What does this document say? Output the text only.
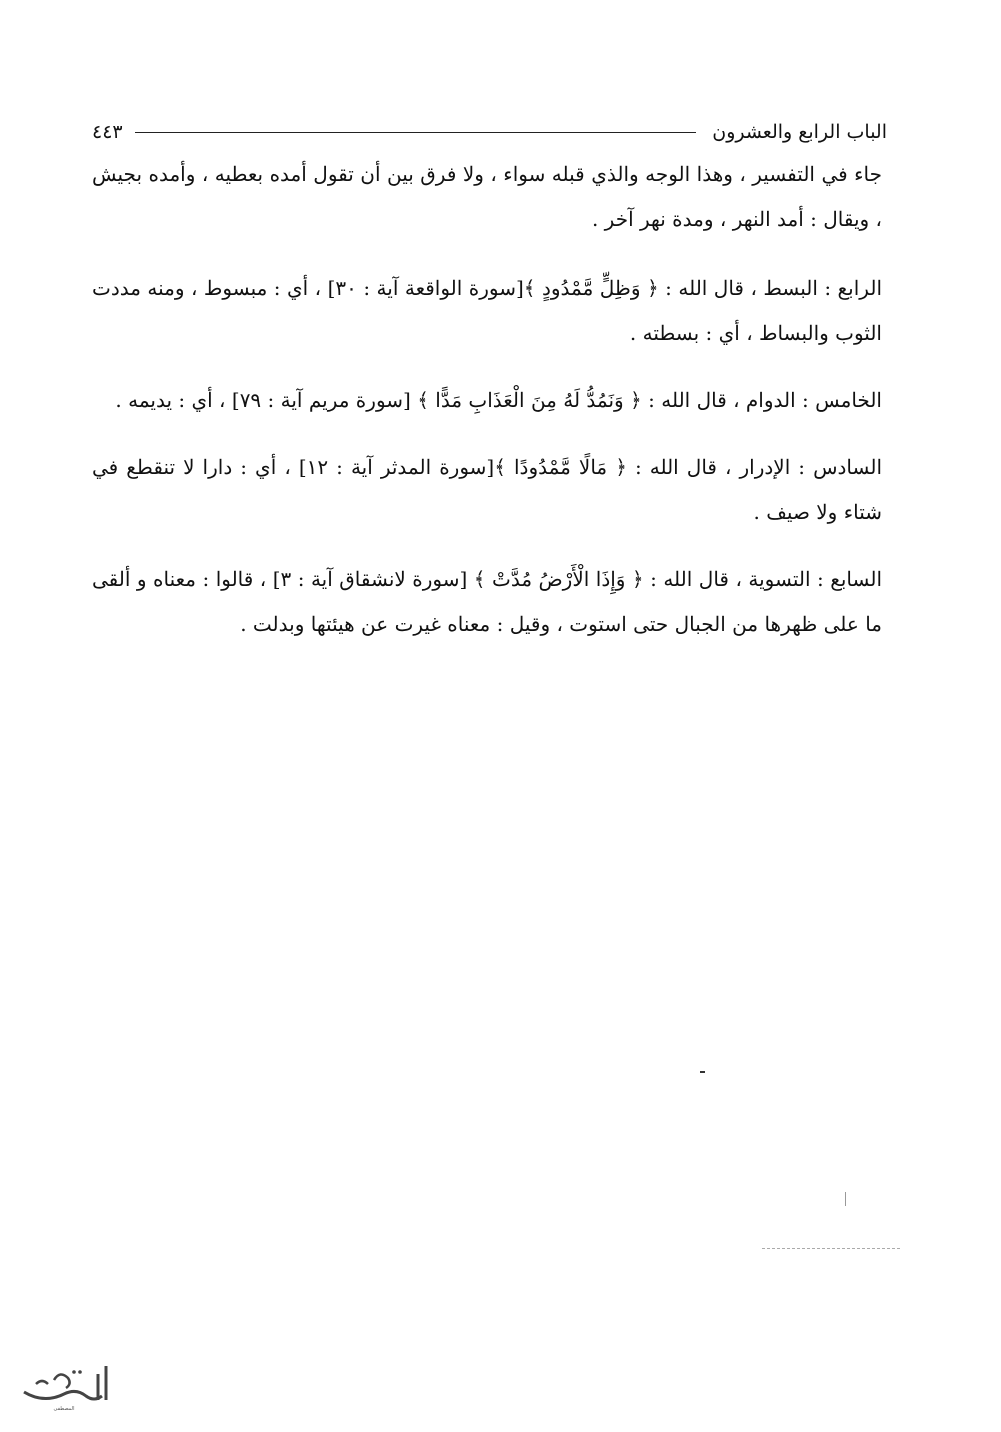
الباب الرابع والعشرون
٤٤٣

جاء في التفسير ، وهذا الوجه والذي قبله سواء ، ولا فرق بين أن تقول أمده بعطيه ، وأمده بجيش ، ويقال : أمد النهر ، ومدة نهر آخر .

الرابع : البسط ، قال الله : ﴿ وَظِلٍّ مَّمْدُودٍ ﴾[سورة الواقعة آية : ٣٠] ، أي : مبسوط ، ومنه مددت الثوب والبساط ، أي : بسطته .

الخامس : الدوام ، قال الله : ﴿ وَنَمُدُّ لَهُ مِنَ الْعَذَابِ مَدًّا ﴾ [سورة مريم آية : ٧٩] ، أي : يديمه .

السادس : الإدرار ، قال الله : ﴿ مَالًا مَّمْدُودًا ﴾[سورة المدثر آية : ١٢] ، أي : دارا لا تنقطع في شتاء ولا صيف .

السابع : التسوية ، قال الله : ﴿ وَإِذَا الْأَرْضُ مُدَّتْ ﴾ [سورة لانشقاق آية : ٣] ، قالوا : معناه و ألقى ما على ظهرها من الجبال حتى استوت ، وقيل : معناه غيرت عن هيئتها وبدلت .

المصطفى
